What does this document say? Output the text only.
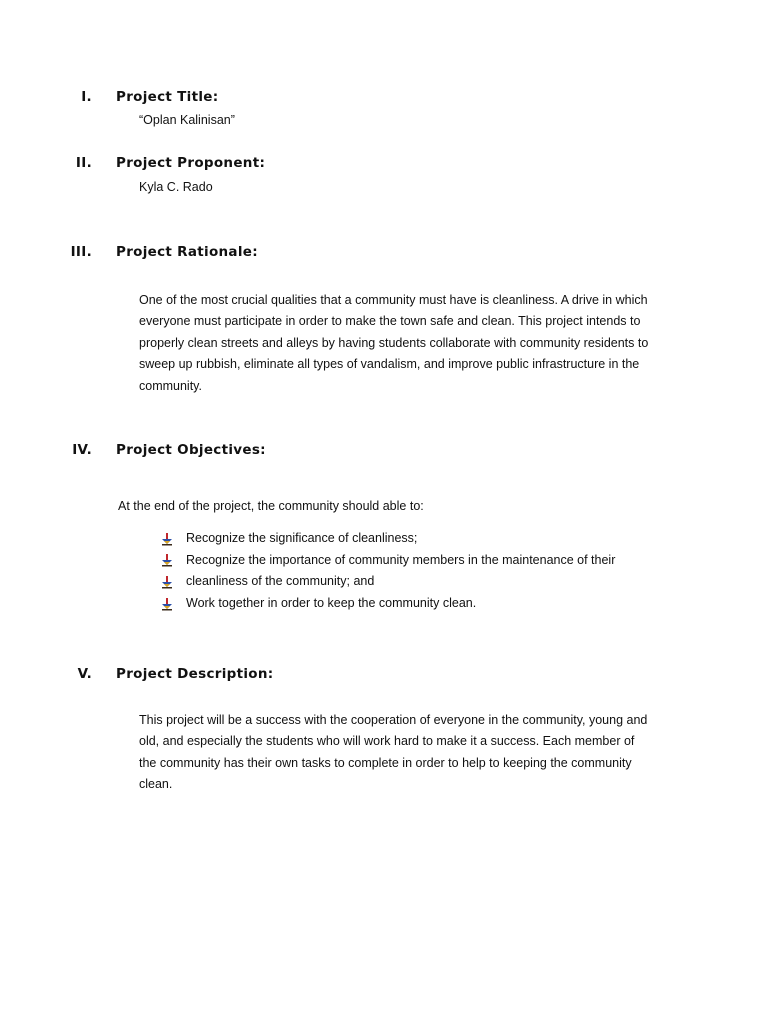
I. Project Title:
“Oplan Kalinisan”
II. Project Proponent:
Kyla C. Rado
III. Project Rationale:
One of the most crucial qualities that a community must have is cleanliness. A drive in which
everyone must participate in order to make the town safe and clean. This project intends to
properly clean streets and alleys by having students collaborate with community residents to
sweep up rubbish, eliminate all types of vandalism, and improve public infrastructure in the
community.
IV. Project Objectives:
At the end of the project, the community should able to:
Recognize the significance of cleanliness;
Recognize the importance of community members in the maintenance of their
cleanliness of the community; and
Work together in order to keep the community clean.
V. Project Description:
This project will be a success with the cooperation of everyone in the community, young and
old, and especially the students who will work hard to make it a success. Each member of
the community has their own tasks to complete in order to help to keeping the community
clean.
